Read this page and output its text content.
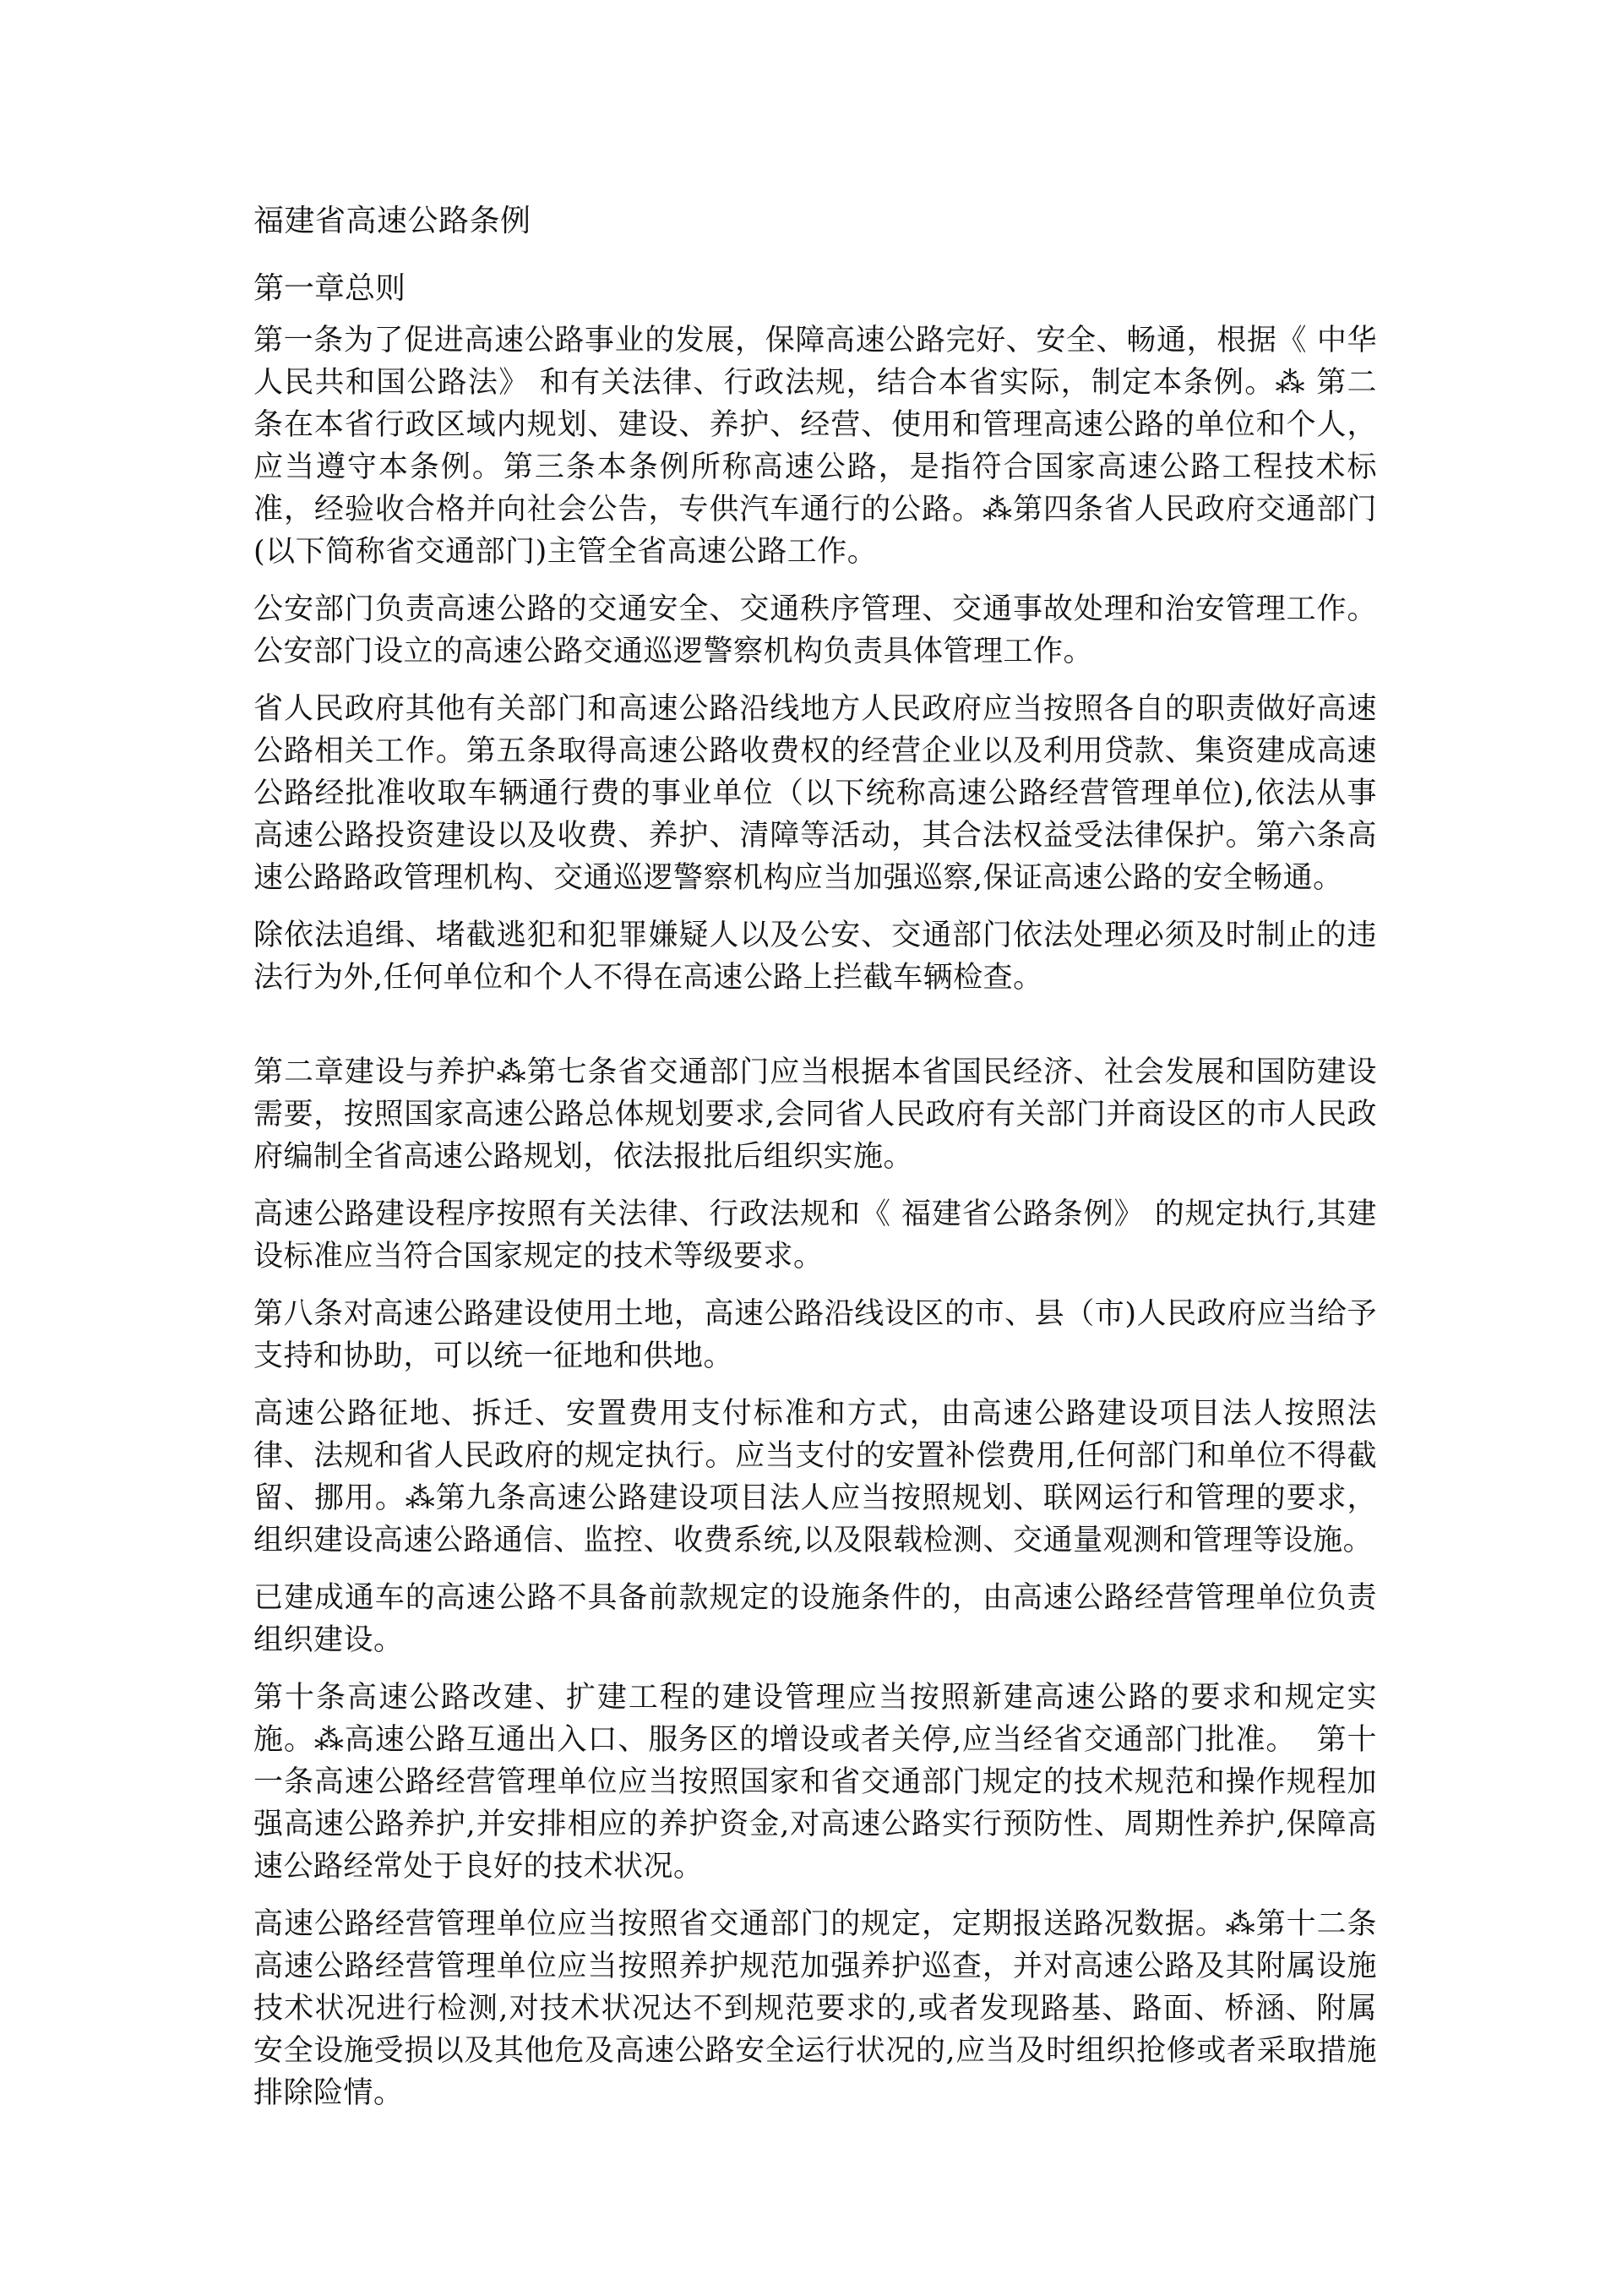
福建省高速公路条例
第一章总则
第一条为了促进高速公路事业的发展，保障高速公路完好、安全、畅通，根据《 中华人民共和国公路法》 和有关法律、行政法规，结合本省实际，制定本条例。⁂ 第二条在本省行政区域内规划、建设、养护、经营、使用和管理高速公路的单位和个人，应当遵守本条例。第三条本条例所称高速公路，是指符合国家高速公路工程技术标准，经验收合格并向社会公告，专供汽车通行的公路。⁂第四条省人民政府交通部门(以下简称省交通部门)主管全省高速公路工作。
公安部门负责高速公路的交通安全、交通秩序管理、交通事故处理和治安管理工作。公安部门设立的高速公路交通巡逻警察机构负责具体管理工作。
省人民政府其他有关部门和高速公路沿线地方人民政府应当按照各自的职责做好高速公路相关工作。第五条取得高速公路收费权的经营企业以及利用贷款、集资建成高速公路经批准收取车辆通行费的事业单位（以下统称高速公路经营管理单位),依法从事高速公路投资建设以及收费、养护、清障等活动，其合法权益受法律保护。第六条高速公路路政管理机构、交通巡逻警察机构应当加强巡察,保证高速公路的安全畅通。
除依法追缉、堵截逃犯和犯罪嫌疑人以及公安、交通部门依法处理必须及时制止的违法行为外,任何单位和个人不得在高速公路上拦截车辆检查。
第二章建设与养护⁂第七条省交通部门应当根据本省国民经济、社会发展和国防建设需要，按照国家高速公路总体规划要求,会同省人民政府有关部门并商设区的市人民政府编制全省高速公路规划，依法报批后组织实施。
高速公路建设程序按照有关法律、行政法规和《 福建省公路条例》 的规定执行,其建设标准应当符合国家规定的技术等级要求。
第八条对高速公路建设使用土地，高速公路沿线设区的市、县（市)人民政府应当给予支持和协助，可以统一征地和供地。
高速公路征地、拆迁、安置费用支付标准和方式，由高速公路建设项目法人按照法律、法规和省人民政府的规定执行。应当支付的安置补偿费用,任何部门和单位不得截留、挪用。⁂第九条高速公路建设项目法人应当按照规划、联网运行和管理的要求，组织建设高速公路通信、监控、收费系统,以及限载检测、交通量观测和管理等设施。
已建成通车的高速公路不具备前款规定的设施条件的，由高速公路经营管理单位负责组织建设。
第十条高速公路改建、扩建工程的建设管理应当按照新建高速公路的要求和规定实施。⁂高速公路互通出入口、服务区的增设或者关停,应当经省交通部门批准。  第十一条高速公路经营管理单位应当按照国家和省交通部门规定的技术规范和操作规程加强高速公路养护,并安排相应的养护资金,对高速公路实行预防性、周期性养护,保障高速公路经常处于良好的技术状况。
高速公路经营管理单位应当按照省交通部门的规定，定期报送路况数据。⁂第十二条高速公路经营管理单位应当按照养护规范加强养护巡查，并对高速公路及其附属设施技术状况进行检测,对技术状况达不到规范要求的,或者发现路基、路面、桥涵、附属安全设施受损以及其他危及高速公路安全运行状况的,应当及时组织抢修或者采取措施排除险情。
